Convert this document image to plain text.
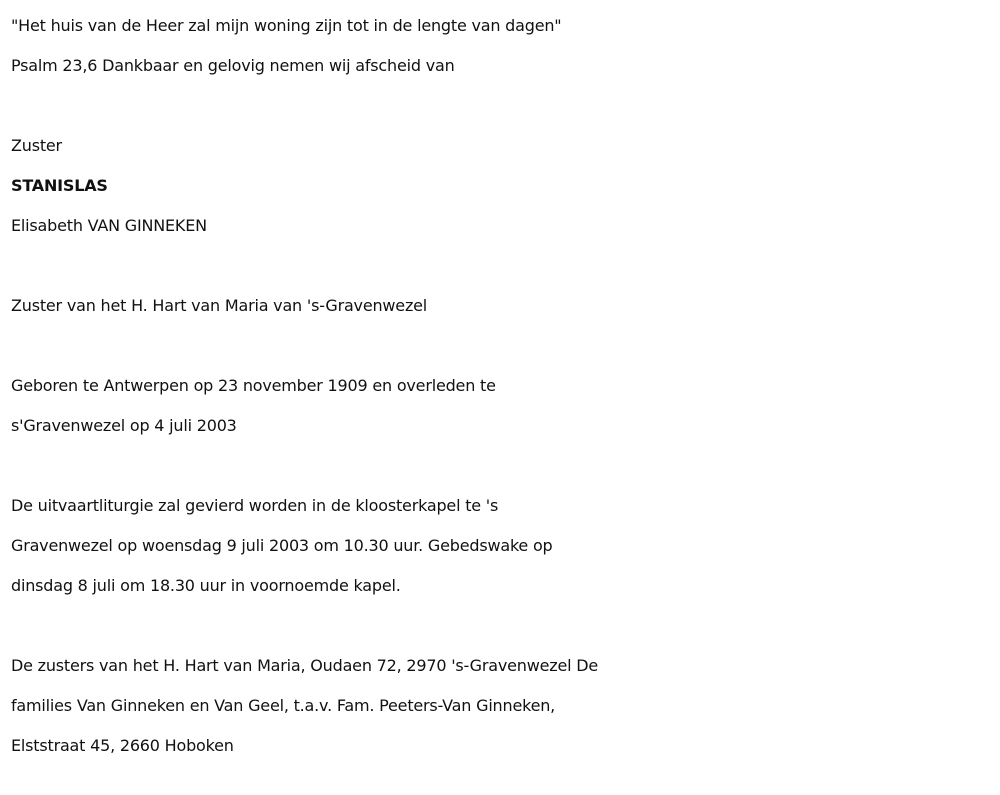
"Het huis van de Heer zal mijn woning zijn tot in de lengte van dagen"
Psalm 23,6 Dankbaar en gelovig nemen wij afscheid van
Zuster
STANISLAS
Elisabeth VAN GINNEKEN
Zuster van het H. Hart van Maria van 's-Gravenwezel
Geboren te Antwerpen op 23 november 1909 en overleden te
s'Gravenwezel op 4 juli 2003
De uitvaartliturgie zal gevierd worden in de kloosterkapel te 's
Gravenwezel op woensdag 9 juli 2003 om 10.30 uur. Gebedswake op
dinsdag 8 juli om 18.30 uur in voornoemde kapel.
De zusters van het H. Hart van Maria, Oudaen 72, 2970 's-Gravenwezel De
families Van Ginneken en Van Geel, t.a.v. Fam. Peeters-Van Ginneken,
Elststraat 45, 2660 Hoboken
